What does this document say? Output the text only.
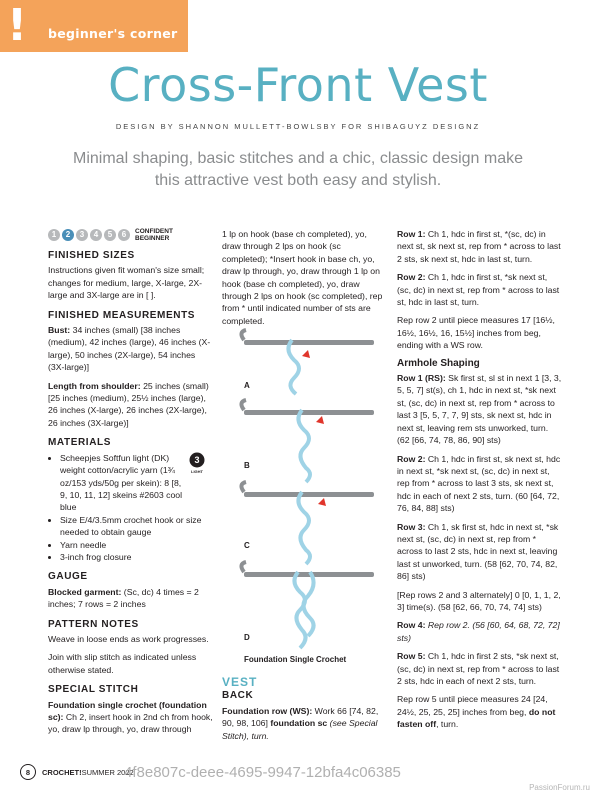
! beginner's corner
Cross-Front Vest
DESIGN BY SHANNON MULLETT-BOWLSBY FOR SHIBAGUYZ DESIGNZ
Minimal shaping, basic stitches and a chic, classic design make this attractive vest both easy and stylish.
1	2	3	4	5	6	CONFIDENT
BEGINNER
FINISHED SIZES

Instructions given fit woman's size small; changes for medium, large, X-large, 2X-large and 3X-large are in [ ].

FINISHED MEASUREMENTS

Bust: 34 inches (small) [38 inches (medium), 42 inches (large), 46 inches (X-large), 50 inches (2X-large), 54 inches (3X-large)]

Length from shoulder: 25 inches (small) [25 inches (medium), 25½ inches (large), 26 inches (X-large), 26 inches (2X-large), 26 inches (3X-large)]

MATERIALS
• Scheepjes Softfun light (DK) weight cotton/acrylic yarn (1¾ oz/153 yds/50g per skein): 8 [8, 9, 10, 11, 12] skeins #2603 cool blue
• Size E/4/3.5mm crochet hook or size needed to obtain gauge
• Yarn needle
• 3-inch frog closure
GAUGE

Blocked garment: (Sc, dc) 4 times = 2 inches; 7 rows = 2 inches

PATTERN NOTES

Weave in loose ends as work progresses.

Join with slip stitch as indicated unless otherwise stated.

SPECIAL STITCH

Foundation single crochet (foundation sc): Ch 2, insert hook in 2nd ch from hook, yo, draw lp through, yo, draw through

3
LIGHT

1 lp on hook (base ch completed), yo, draw through 2 lps on hook (sc completed); *Insert hook in base ch, yo, draw lp through, yo, draw through 1 lp on hook (base ch completed), yo, draw through 2 lps on hook (sc completed), rep from * until indicated number of sts are completed.

A
B
C
D
Foundation Single Crochet
VEST
BACK

Foundation row (WS): Work 66 [74, 82, 90, 98, 106] foundation sc (see Special Stitch), turn.

Row 1: Ch 1, hdc in first st, *(sc, dc) in next st, sk next st, rep from * across to last 2 sts, sk next st, hdc in last st, turn.

Row 2: Ch 1, hdc in first st, *sk next st, (sc, dc) in next st, rep from * across to last st, hdc in last st, turn.

Rep row 2 until piece measures 17 [16½, 16½, 16½, 16, 15½] inches from beg, ending with a WS row.

Armhole Shaping

Row 1 (RS): Sk first st, sl st in next 1 [3, 3, 5, 5, 7] st(s), ch 1, hdc in next st, *sk next st, (sc, dc) in next st, rep from * across to last 3 [5, 5, 7, 7, 9] sts, sk next st, hdc in next st, leaving rem sts unworked, turn. (62 [66, 74, 78, 86, 90] sts)

Row 2: Ch 1, hdc in first st, sk next st, hdc in next st, *sk next st, (sc, dc) in next st, rep from * across to last 3 sts, sk next st, hdc in each of next 2 sts, turn. (60 [64, 72, 76, 84, 88] sts)

Row 3: Ch 1, sk first st, hdc in next st, *sk next st, (sc, dc) in next st, rep from * across to last 2 sts, hdc in next st, leaving last st unworked, turn. (58 [62, 70, 74, 82, 86] sts)

[Rep rows 2 and 3 alternately] 0 [0, 1, 1, 2, 3] time(s). (58 [62, 66, 70, 74, 74] sts)

Row 4: Rep row 2. (56 [60, 64, 68, 72, 72] sts)

Row 5: Ch 1, hdc in first 2 sts, *sk next st, (sc, dc) in next st, rep from * across to last 2 sts, hdc in each of next 2 sts, turn.

Rep row 5 until piece measures 24 [24, 24½, 25, 25, 25] inches from beg, do not fasten off, turn.

8	CROCHET! SUMMER 2022
4f8e807c-deee-4695-9947-12bfa4c06385
PassionForum.ru
